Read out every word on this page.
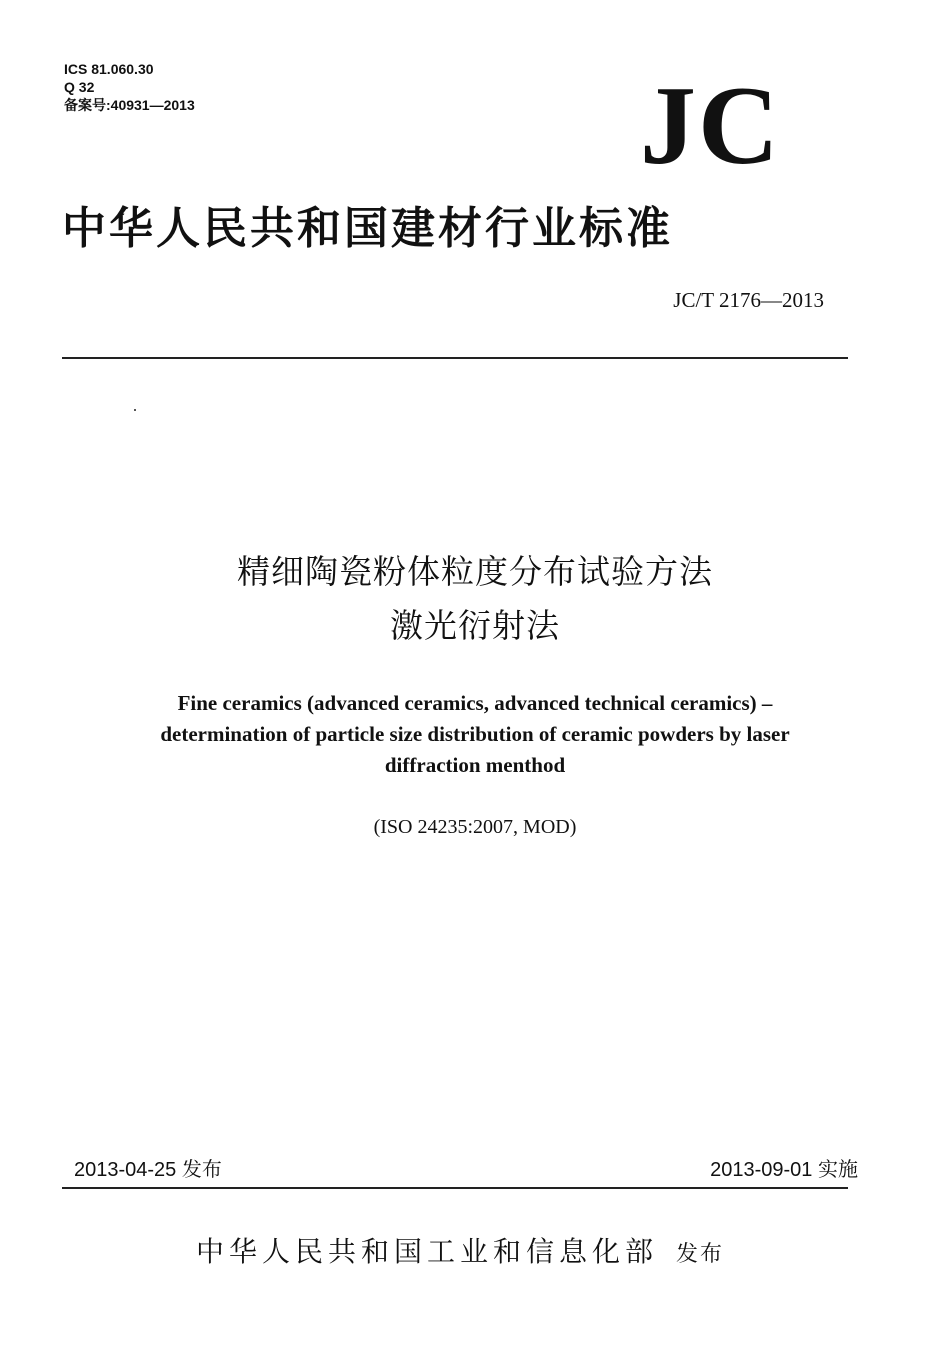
ICS 81.060.30
Q 32
备案号:40931—2013	JC
中华人民共和国建材行业标准
JC/T 2176—2013
精细陶瓷粉体粒度分布试验方法
激光衍射法
Fine ceramics (advanced ceramics, advanced technical ceramics) –
determination of particle size distribution of ceramic powders by laser
diffraction menthod
(ISO 24235:2007, MOD)
2013-04-25 发布	2013-09-01 实施
中华人民共和国工业和信息化部 发布
